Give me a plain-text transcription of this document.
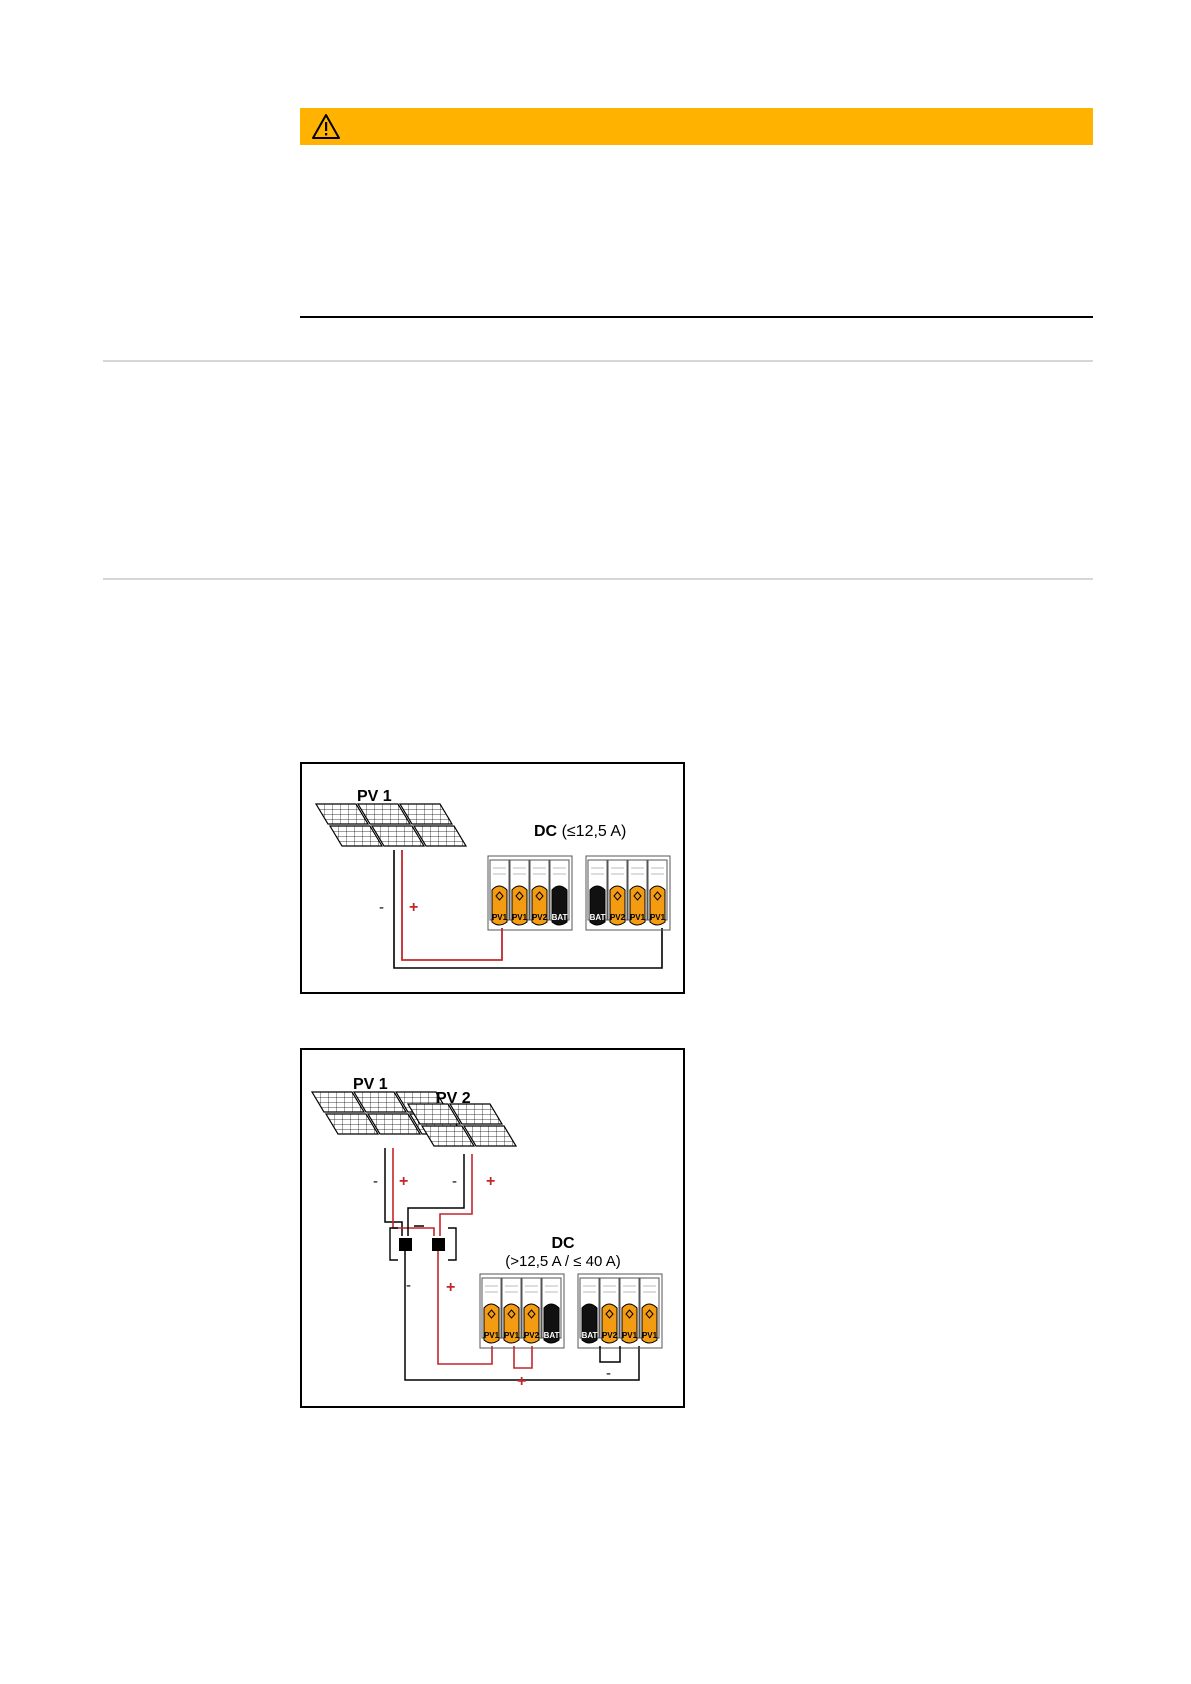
PV 1
- +
DC (≤12,5 A)
PV1 PV1 PV2 BAT	BAT PV2 PV1 PV1
PV 1
PV 2
- +	- +
- +
DC
(>12,5 A / ≤ 40 A)
PV1 PV1 PV2 BAT
+
BAT PV2 PV1 PV1
-
